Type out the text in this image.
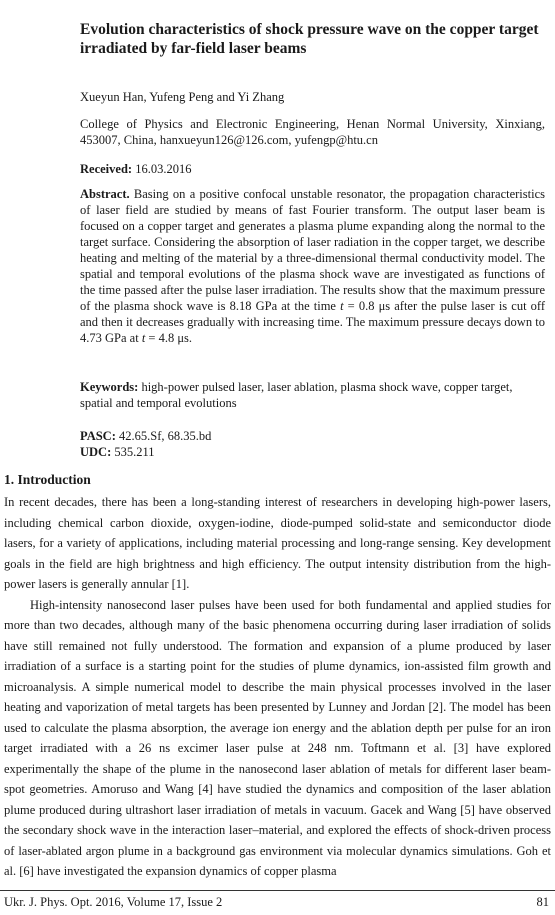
Evolution characteristics of shock pressure wave on the copper target irradiated by far-field laser beams
Xueyun Han, Yufeng Peng and Yi Zhang
College of Physics and Electronic Engineering, Henan Normal University, Xinxiang, 453007, China, hanxueyun126@126.com, yufengp@htu.cn
Received: 16.03.2016
Abstract. Basing on a positive confocal unstable resonator, the propagation characteristics of laser field are studied by means of fast Fourier transform. The output laser beam is focused on a copper target and generates a plasma plume expanding along the normal to the target surface. Considering the absorption of laser radiation in the copper target, we describe heating and melting of the material by a three-dimensional thermal conductivity model. The spatial and temporal evolutions of the plasma shock wave are investigated as functions of the time passed after the pulse laser irradiation. The results show that the maximum pressure of the plasma shock wave is 8.18 GPa at the time t = 0.8 μs after the pulse laser is cut off and then it decreases gradually with increasing time. The maximum pressure decays down to 4.73 GPa at t = 4.8 μs.
Keywords: high-power pulsed laser, laser ablation, plasma shock wave, copper target, spatial and temporal evolutions
PASC: 42.65.Sf, 68.35.bd
UDC: 535.211
1. Introduction

In recent decades, there has been a long-standing interest of researchers in developing high-power lasers, including chemical carbon dioxide, oxygen-iodine, diode-pumped solid-state and semiconductor diode lasers, for a variety of applications, including material processing and long-range sensing. Key development goals in the field are high brightness and high efficiency. The output intensity distribution from the high-power lasers is generally annular [1].

High-intensity nanosecond laser pulses have been used for both fundamental and applied studies for more than two decades, although many of the basic phenomena occurring during laser irradiation of solids have still remained not fully understood. The formation and expansion of a plume produced by laser irradiation of a surface is a starting point for the studies of plume dynamics, ion-assisted film growth and microanalysis. A simple numerical model to describe the main physical processes involved in the laser heating and vaporization of metal targets has been presented by Lunney and Jordan [2]. The model has been used to calculate the plasma absorption, the average ion energy and the ablation depth per pulse for an iron target irradiated with a 26 ns excimer laser pulse at 248 nm. Toftmann et al. [3] have explored experimentally the shape of the plume in the nanosecond laser ablation of metals for different laser beam-spot geometries. Amoruso and Wang [4] have studied the dynamics and composition of the laser ablation plume produced during ultrashort laser irradiation of metals in vacuum. Gacek and Wang [5] have observed the secondary shock wave in the interaction laser–material, and explored the effects of shock-driven process of laser-ablated argon plume in a background gas environment via molecular dynamics simulations. Goh et al. [6] have investigated the expansion dynamics of copper plasma

Ukr. J. Phys. Opt. 2016, Volume 17, Issue 2	81
